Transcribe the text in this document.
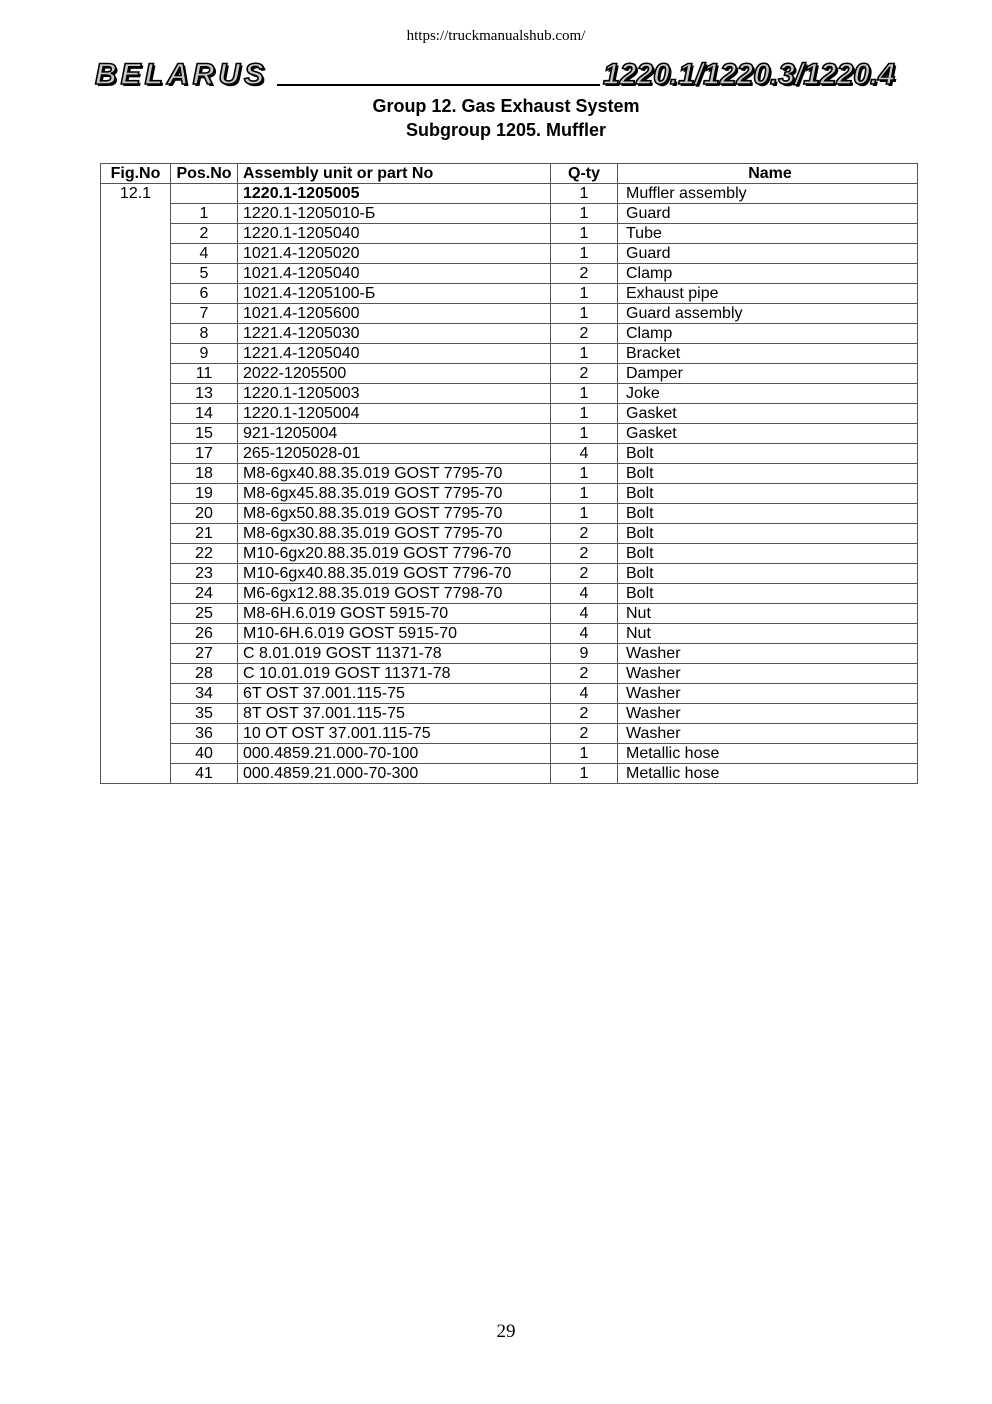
https://truckmanualshub.com/
BELARUS	1220.1/1220.3/1220.4
Group 12. Gas Exhaust System
Subgroup 1205. Muffler
Fig.No	Pos.No	Assembly unit or part No	Q-ty	Name
12.1		1220.1-1205005	1	Muffler assembly
	1	1220.1-1205010-Б	1	Guard
	2	1220.1-1205040	1	Tube
	4	1021.4-1205020	1	Guard
	5	1021.4-1205040	2	Clamp
	6	1021.4-1205100-Б	1	Exhaust pipe
	7	1021.4-1205600	1	Guard assembly
	8	1221.4-1205030	2	Clamp
	9	1221.4-1205040	1	Bracket
	11	2022-1205500	2	Damper
	13	1220.1-1205003	1	Joke
	14	1220.1-1205004	1	Gasket
	15	921-1205004	1	Gasket
	17	265-1205028-01	4	Bolt
	18	M8-6gx40.88.35.019 GOST 7795-70	1	Bolt
	19	M8-6gx45.88.35.019 GOST 7795-70	1	Bolt
	20	M8-6gx50.88.35.019 GOST 7795-70	1	Bolt
	21	M8-6gx30.88.35.019 GOST 7795-70	2	Bolt
	22	M10-6gx20.88.35.019 GOST 7796-70	2	Bolt
	23	M10-6gx40.88.35.019 GOST 7796-70	2	Bolt
	24	M6-6gx12.88.35.019 GOST 7798-70	4	Bolt
	25	M8-6H.6.019 GOST 5915-70	4	Nut
	26	M10-6H.6.019 GOST 5915-70	4	Nut
	27	C 8.01.019 GOST 11371-78	9	Washer
	28	C 10.01.019 GOST 11371-78	2	Washer
	34	6T OST 37.001.115-75	4	Washer
	35	8T OST 37.001.115-75	2	Washer
	36	10 OT OST 37.001.115-75	2	Washer
	40	000.4859.21.000-70-100	1	Metallic hose
	41	000.4859.21.000-70-300	1	Metallic hose
29
